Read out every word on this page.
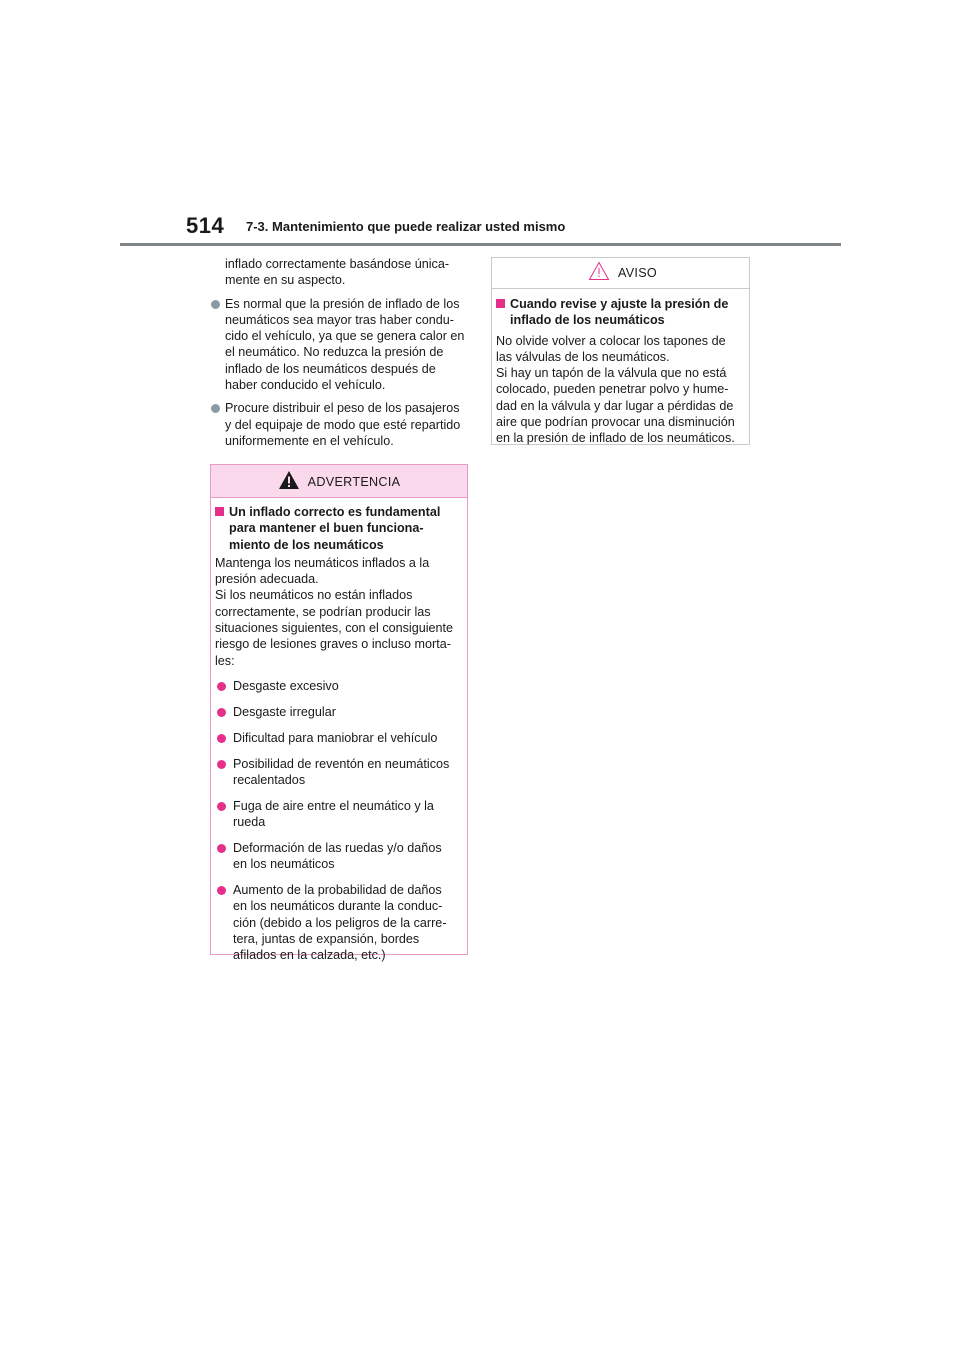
514 7-3. Mantenimiento que puede realizar usted mismo

inflado correctamente basándose única-
mente en su aspecto.

Es normal que la presión de inflado de los
neumáticos sea mayor tras haber condu-
cido el vehículo, ya que se genera calor en
el neumático. No reduzca la presión de
inflado de los neumáticos después de
haber conducido el vehículo.
Procure distribuir el peso de los pasajeros
y del equipaje de modo que esté repartido
uniformemente en el vehículo.
ADVERTENCIA
Un inflado correcto es fundamental
para mantener el buen funciona-
miento de los neumáticos
Mantenga los neumáticos inflados a la
presión adecuada.
Si los neumáticos no están inflados
correctamente, se podrían producir las
situaciones siguientes, con el consiguiente
riesgo de lesiones graves o incluso morta-
les:
Desgaste excesivo
Desgaste irregular
Dificultad para maniobrar el vehículo
Posibilidad de reventón en neumáticos
recalentados
Fuga de aire entre el neumático y la
rueda
Deformación de las ruedas y/o daños
en los neumáticos
Aumento de la probabilidad de daños
en los neumáticos durante la conduc-
ción (debido a los peligros de la carre-
tera, juntas de expansión, bordes
afilados en la calzada, etc.)
AVISO
Cuando revise y ajuste la presión de
inflado de los neumáticos
No olvide volver a colocar los tapones de
las válvulas de los neumáticos.
Si hay un tapón de la válvula que no está
colocado, pueden penetrar polvo y hume-
dad en la válvula y dar lugar a pérdidas de
aire que podrían provocar una disminución
en la presión de inflado de los neumáticos.
